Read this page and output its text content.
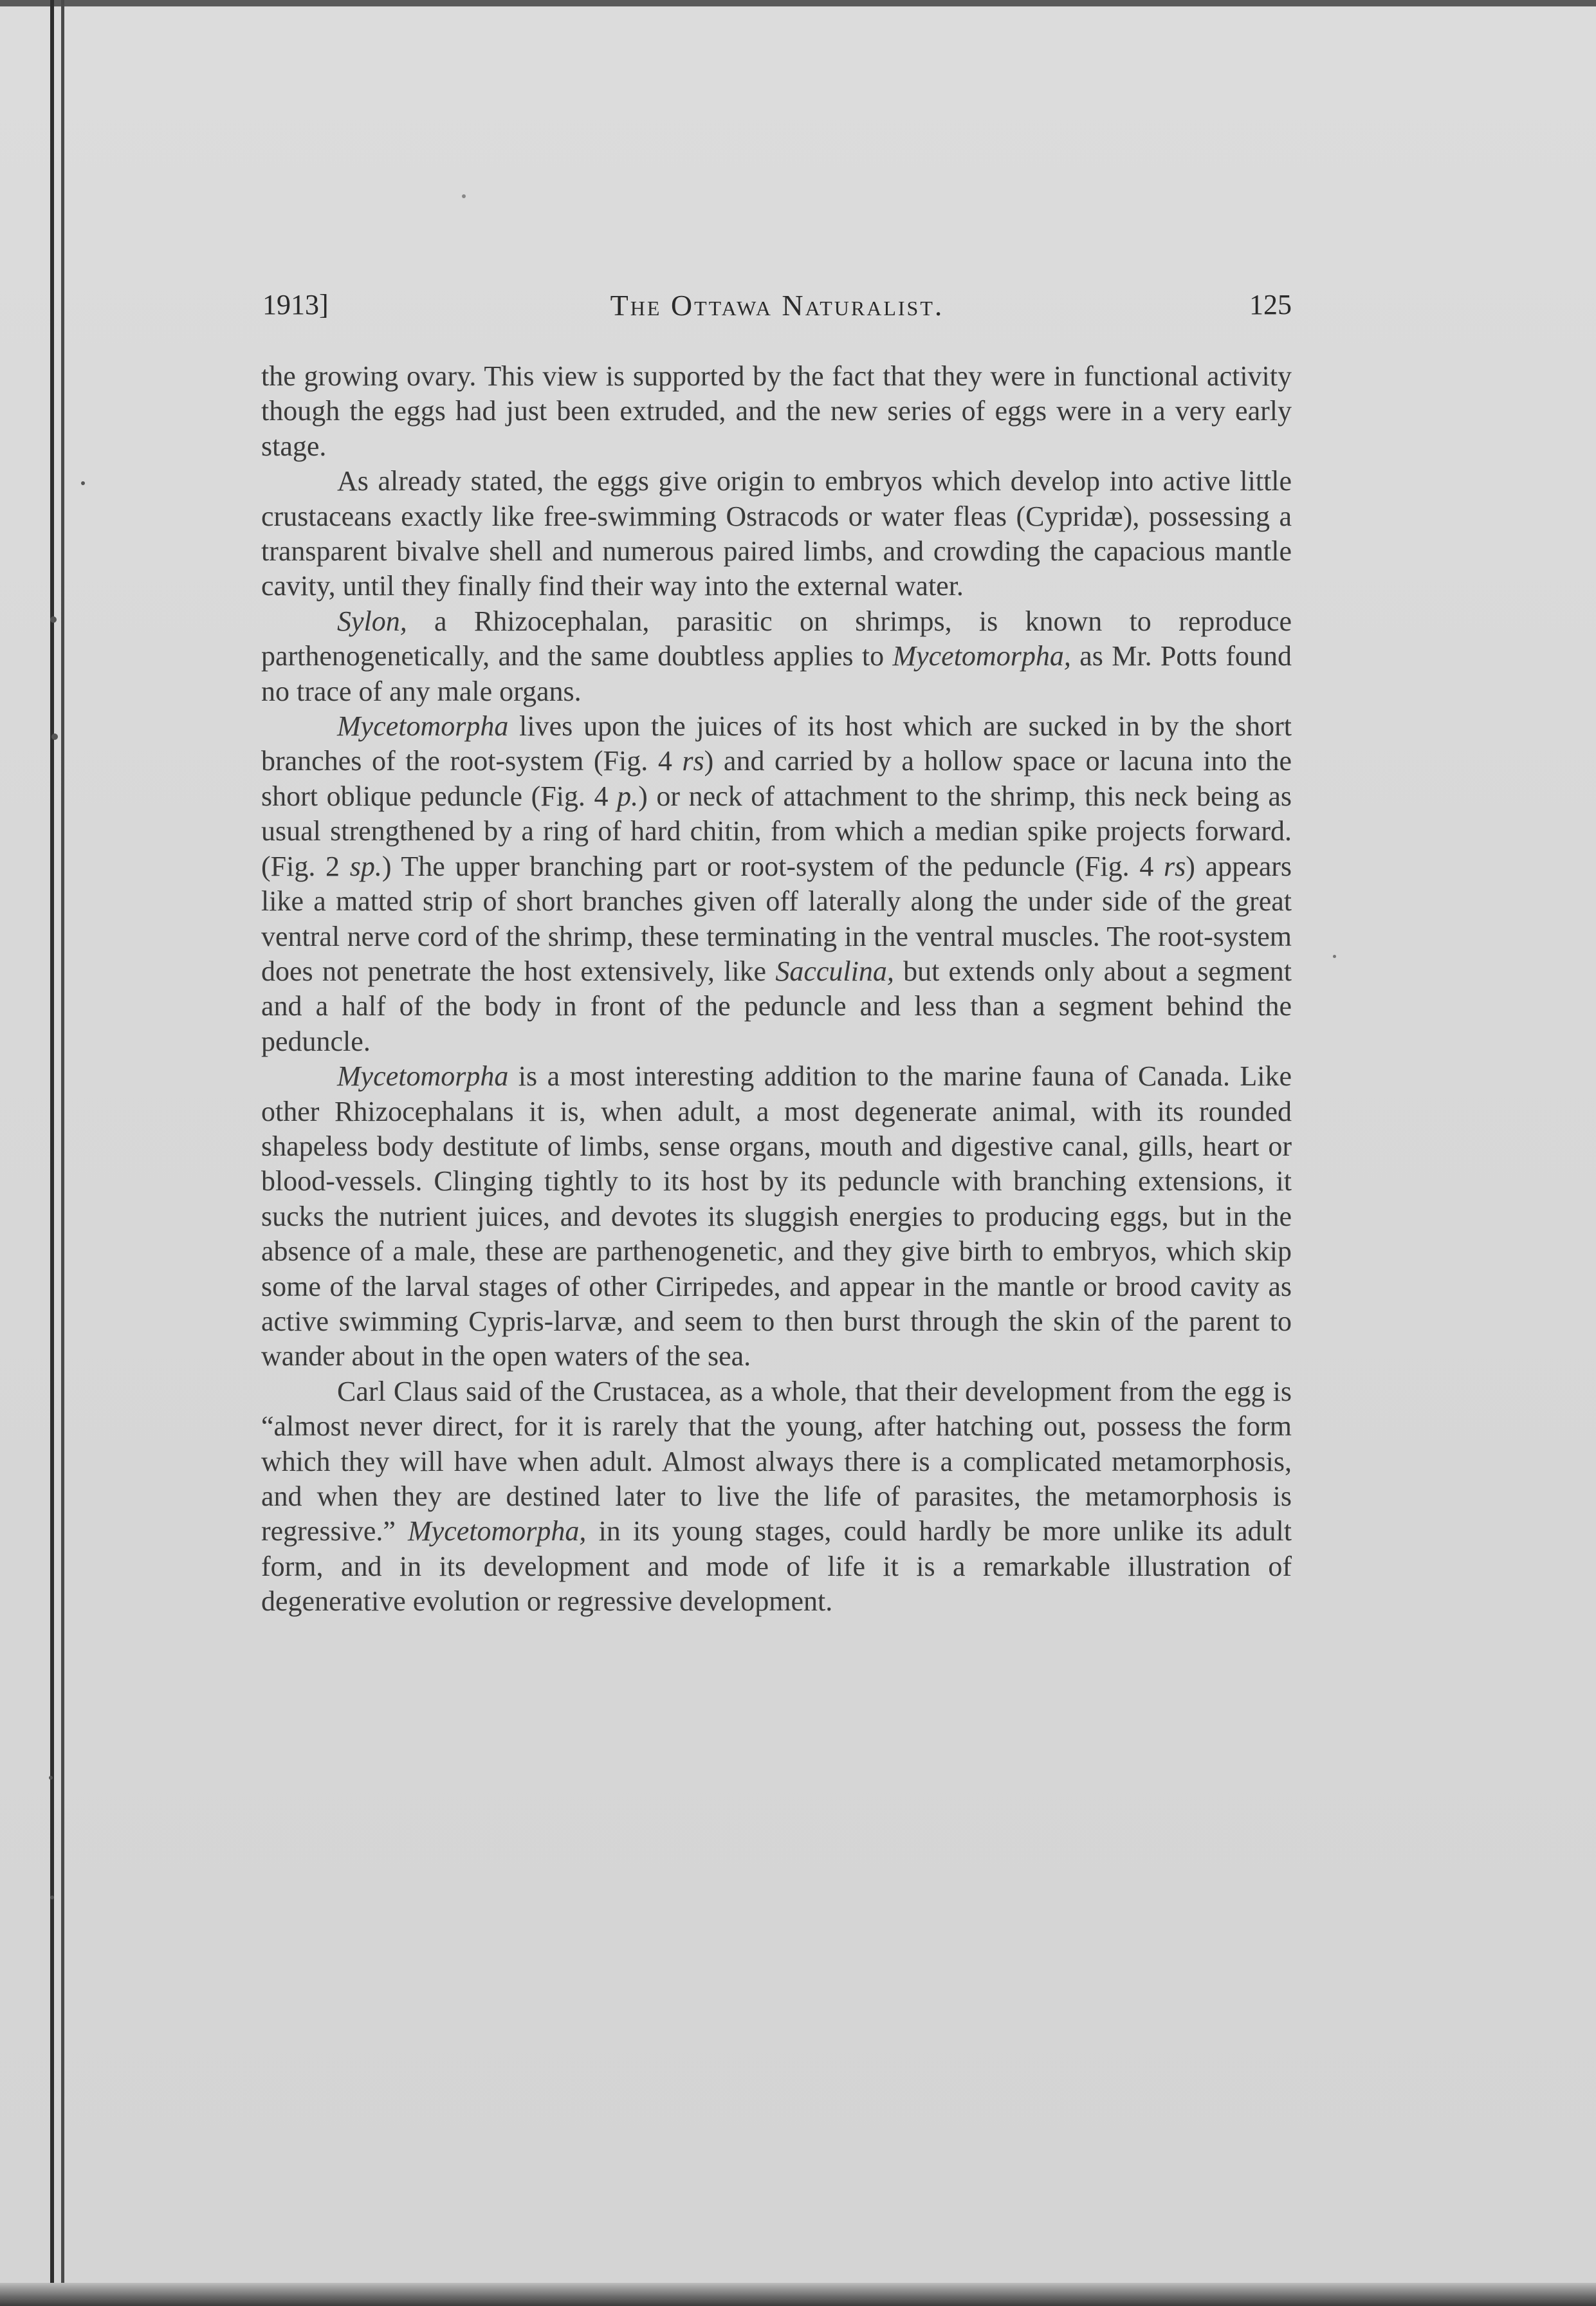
1913]	The Ottawa Naturalist.	125

the growing ovary. This view is supported by the fact that they were in functional activity though the eggs had just been extruded, and the new series of eggs were in a very early stage.

As already stated, the eggs give origin to embryos which develop into active little crustaceans exactly like free-swimming Ostracods or water fleas (Cypridæ), possessing a transparent bivalve shell and numerous paired limbs, and crowding the capacious mantle cavity, until they finally find their way into the external water.

Sylon, a Rhizocephalan, parasitic on shrimps, is known to reproduce parthenogenetically, and the same doubtless applies to Mycetomorpha, as Mr. Potts found no trace of any male organs.

Mycetomorpha lives upon the juices of its host which are sucked in by the short branches of the root-system (Fig. 4 rs) and carried by a hollow space or lacuna into the short oblique peduncle (Fig. 4 p.) or neck of attachment to the shrimp, this neck being as usual strengthened by a ring of hard chitin, from which a median spike projects forward. (Fig. 2 sp.) The upper branching part or root-system of the peduncle (Fig. 4 rs) appears like a matted strip of short branches given off laterally along the under side of the great ventral nerve cord of the shrimp, these terminating in the ventral muscles. The root-system does not penetrate the host extensively, like Sacculina, but extends only about a segment and a half of the body in front of the peduncle and less than a segment behind the peduncle.

Mycetomorpha is a most interesting addition to the marine fauna of Canada. Like other Rhizocephalans it is, when adult, a most degenerate animal, with its rounded shapeless body destitute of limbs, sense organs, mouth and digestive canal, gills, heart or blood-vessels. Clinging tightly to its host by its peduncle with branching extensions, it sucks the nutrient juices, and devotes its sluggish energies to producing eggs, but in the absence of a male, these are parthenogenetic, and they give birth to embryos, which skip some of the larval stages of other Cirripedes, and appear in the mantle or brood cavity as active swimming Cypris-larvæ, and seem to then burst through the skin of the parent to wander about in the open waters of the sea.

Carl Claus said of the Crustacea, as a whole, that their development from the egg is “almost never direct, for it is rarely that the young, after hatching out, possess the form which they will have when adult. Almost always there is a complicated metamorphosis, and when they are destined later to live the life of parasites, the metamorphosis is regressive.” Mycetomorpha, in its young stages, could hardly be more unlike its adult form, and in its development and mode of life it is a remarkable illustration of degenerative evolution or regressive development.
